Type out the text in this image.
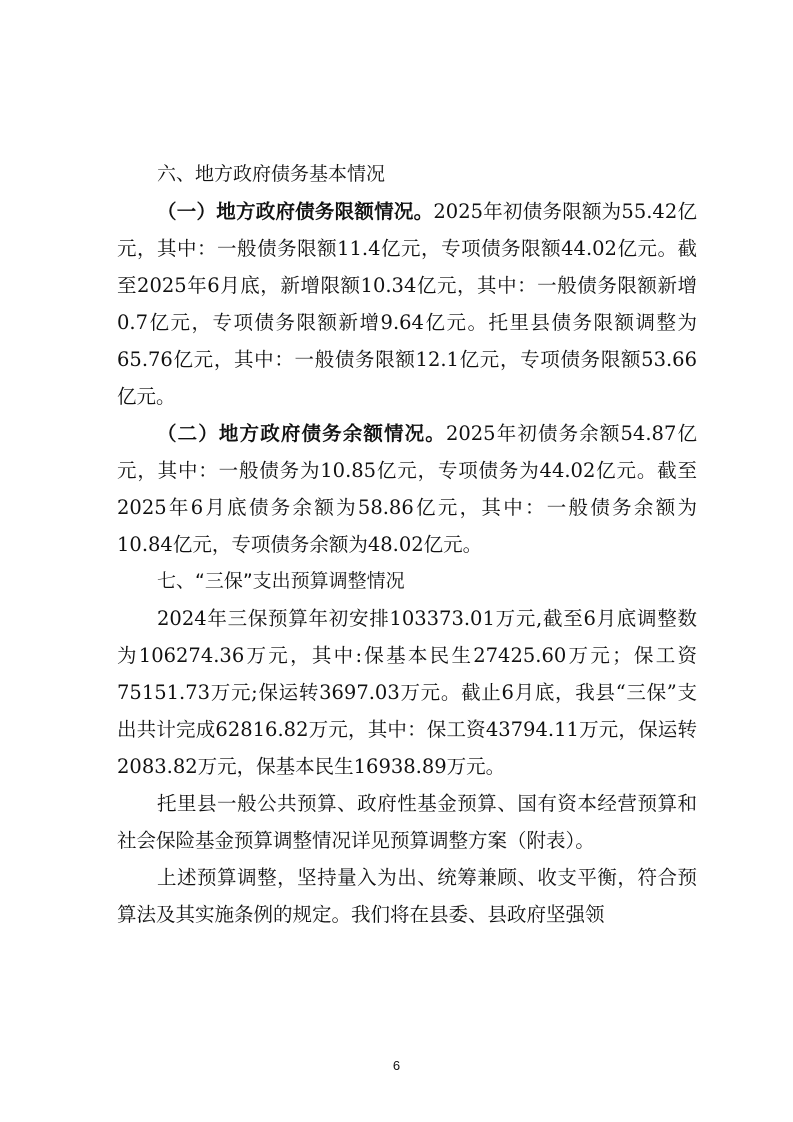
六、地方政府债务基本情况

（一）地方政府债务限额情况。2025年初债务限额为55.42亿元，其中：一般债务限额11.4亿元，专项债务限额44.02亿元。截至2025年6月底，新增限额10.34亿元，其中：一般债务限额新增0.7亿元，专项债务限额新增9.64亿元。托里县债务限额调整为65.76亿元，其中：一般债务限额12.1亿元，专项债务限额53.66亿元。

（二）地方政府债务余额情况。2025年初债务余额54.87亿元，其中：一般债务为10.85亿元，专项债务为44.02亿元。截至2025年6月底债务余额为58.86亿元，其中：一般债务余额为10.84亿元，专项债务余额为48.02亿元。

七、“三保”支出预算调整情况

2024年三保预算年初安排103373.01万元,截至6月底调整数为106274.36万元，其中:保基本民生27425.60万元；保工资75151.73万元;保运转3697.03万元。截止6月底，我县“三保”支出共计完成62816.82万元，其中：保工资43794.11万元，保运转2083.82万元，保基本民生16938.89万元。

托里县一般公共预算、政府性基金预算、国有资本经营预算和社会保险基金预算调整情况详见预算调整方案（附表）。

上述预算调整，坚持量入为出、统筹兼顾、收支平衡，符合预算法及其实施条例的规定。我们将在县委、县政府坚强领

6
